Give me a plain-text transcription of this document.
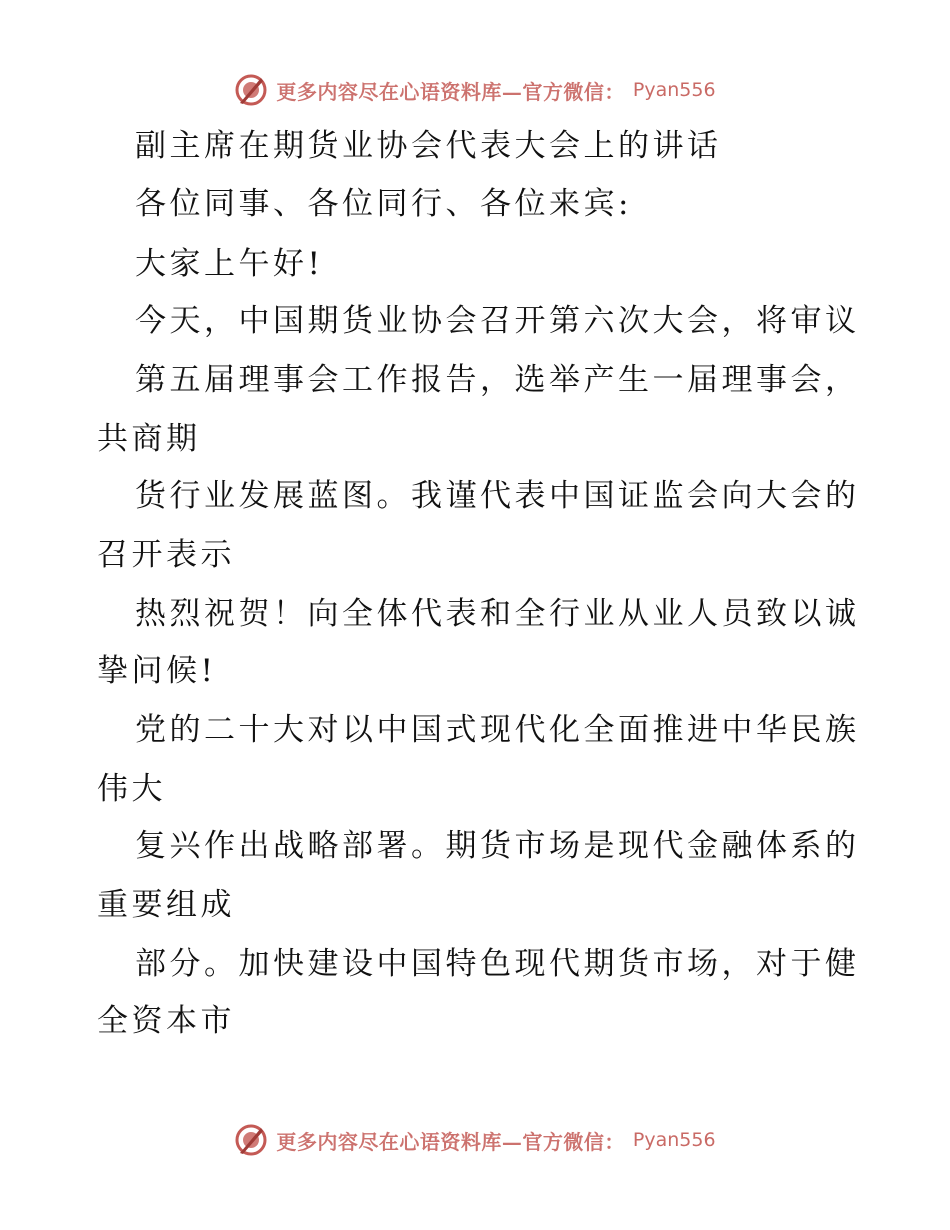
更多内容尽在心语资料库—官方微信： Pyan556
副主席在期货业协会代表大会上的讲话
各位同事、各位同行、各位来宾:
大家上午好!
今天，中国期货业协会召开第六次大会，将审议
第五届理事会工作报告，选举产生一届理事会，
共商期
货行业发展蓝图。我谨代表中国证监会向大会的
召开表示
热烈祝贺！向全体代表和全行业从业人员致以诚
挚问候!
党的二十大对以中国式现代化全面推进中华民族
伟大
复兴作出战略部署。期货市场是现代金融体系的
重要组成
部分。加快建设中国特色现代期货市场，对于健
全资本市
更多内容尽在心语资料库—官方微信： Pyan556
